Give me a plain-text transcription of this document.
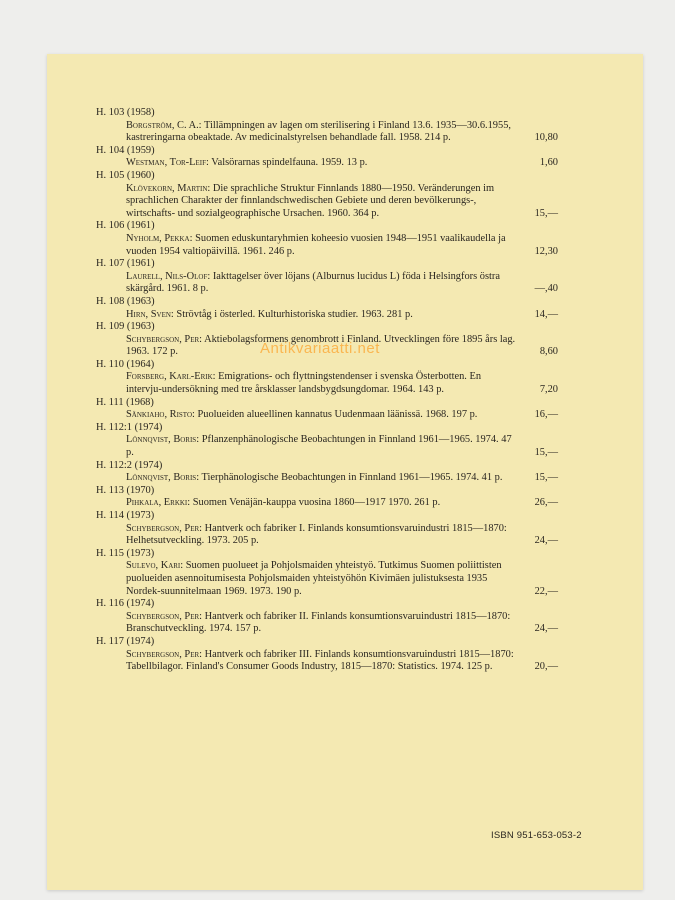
H. 103 (1958)
Borgström, C. A.: Tillämpningen av lagen om sterilisering i Finland 13.6. 1935—30.6.1955, kastreringarna obeaktade. Av medicinalstyrelsen behandlade fall. 1958. 214 p.	10,80
H. 104 (1959)
Westman, Tor-Leif: Valsörarnas spindelfauna. 1959. 13 p.	1,60
H. 105 (1960)
Klövekorn, Martin: Die sprachliche Struktur Finnlands 1880—1950. Veränderungen im sprachlichen Charakter der finnlandschwedischen Gebiete und deren bevölkerungs-, wirtschafts- und sozialgeographische Ursachen. 1960. 364 p.	15,—
H. 106 (1961)
Nyholm, Pekka: Suomen eduskuntaryhmien koheesio vuosien 1948—1951 vaalikaudella ja vuoden 1954 valtiopäivillä. 1961. 246 p.	12,30
H. 107 (1961)
Laurell, Nils-Olof: Iakttagelser över löjans (Alburnus lucidus L) föda i Helsingfors östra skärgård. 1961. 8 p.	—,40
H. 108 (1963)
Hirn, Sven: Strövtåg i österled. Kulturhistoriska studier. 1963. 281 p.	14,—
H. 109 (1963)
Schybergson, Per: Aktiebolagsformens genombrott i Finland. Utvecklingen före 1895 års lag. 1963. 172 p.	8,60
H. 110 (1964)
Forsberg, Karl-Erik: Emigrations- och flyttningstendenser i svenska Österbotten. En intervju-undersökning med tre årsklasser landsbygdsungdomar. 1964. 143 p.	7,20
H. 111 (1968)
Sänkiaho, Risto: Puolueiden alueellinen kannatus Uudenmaan läänissä. 1968. 197 p.	16,—
H. 112:1 (1974)
Lönnqvist, Boris: Pflanzenphänologische Beobachtungen in Finnland 1961—1965. 1974. 47 p.	15,—
H. 112:2 (1974)
Lönnqvist, Boris: Tierphänologische Beobachtungen in Finnland 1961—1965. 1974. 41 p.	15,—
H. 113 (1970)
Pihkala, Erkki: Suomen Venäjän-kauppa vuosina 1860—1917 1970. 261 p.	26,—
H. 114 (1973)
Schybergson, Per: Hantverk och fabriker I. Finlands konsumtionsvaruindustri 1815—1870: Helhetsutveckling. 1973. 205 p.	24,—
H. 115 (1973)
Sulevo, Kari: Suomen puolueet ja Pohjolsmaiden yhteistyö. Tutkimus Suomen poliittisten puolueiden asennoitumisesta Pohjolsmaiden yhteistyöhön Kivimäen julistuksesta 1935 Nordek-suunnitelmaan 1969. 1973. 190 p.	22,—
H. 116 (1974)
Schybergson, Per: Hantverk och fabriker II. Finlands konsumtionsvaruindustri 1815—1870: Branschutveckling. 1974. 157 p.	24,—
H. 117 (1974)
Schybergson, Per: Hantverk och fabriker III. Finlands konsumtionsvaruindustri 1815—1870: Tabellbilagor. Finland's Consumer Goods Industry, 1815—1870: Statistics. 1974. 125 p.	20,—
ISBN 951-653-053-2
Antikvariaatti.net
